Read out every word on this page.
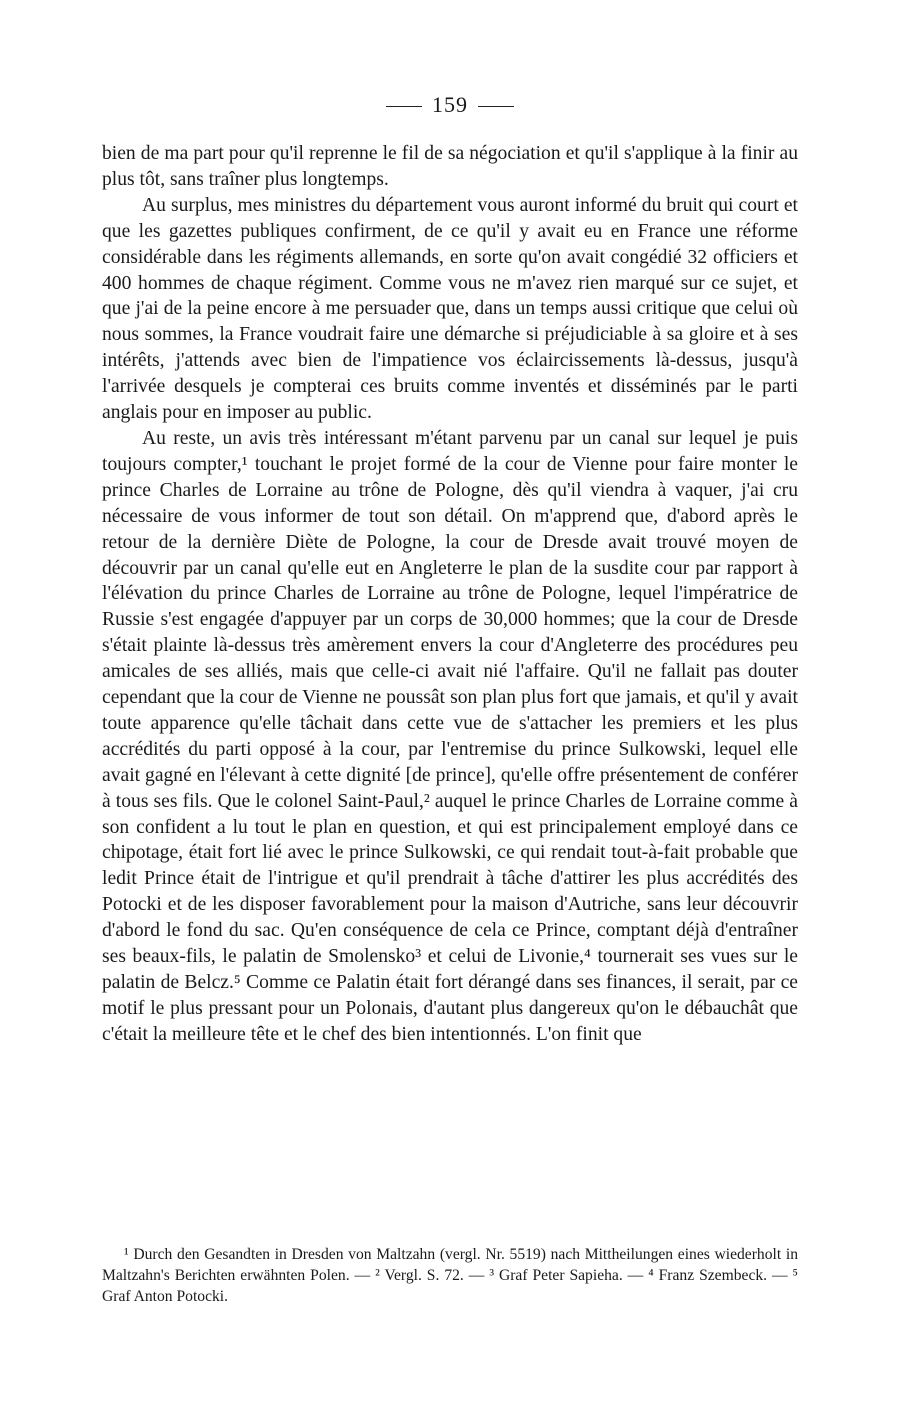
159

bien de ma part pour qu'il reprenne le fil de sa négociation et qu'il s'applique à la finir au plus tôt, sans traîner plus longtemps.

Au surplus, mes ministres du département vous auront informé du bruit qui court et que les gazettes publiques confirment, de ce qu'il y avait eu en France une réforme considérable dans les régiments allemands, en sorte qu'on avait congédié 32 officiers et 400 hommes de chaque régiment. Comme vous ne m'avez rien marqué sur ce sujet, et que j'ai de la peine encore à me persuader que, dans un temps aussi critique que celui où nous sommes, la France voudrait faire une démarche si préjudiciable à sa gloire et à ses intérêts, j'attends avec bien de l'impatience vos éclaircissements là-dessus, jusqu'à l'arrivée desquels je compterai ces bruits comme inventés et disséminés par le parti anglais pour en imposer au public.

Au reste, un avis très intéressant m'étant parvenu par un canal sur lequel je puis toujours compter,¹ touchant le projet formé de la cour de Vienne pour faire monter le prince Charles de Lorraine au trône de Pologne, dès qu'il viendra à vaquer, j'ai cru nécessaire de vous informer de tout son détail. On m'apprend que, d'abord après le retour de la dernière Diète de Pologne, la cour de Dresde avait trouvé moyen de découvrir par un canal qu'elle eut en Angleterre le plan de la susdite cour par rapport à l'élévation du prince Charles de Lorraine au trône de Pologne, lequel l'impératrice de Russie s'est engagée d'appuyer par un corps de 30,000 hommes; que la cour de Dresde s'était plainte là-dessus très amèrement envers la cour d'Angleterre des procédures peu amicales de ses alliés, mais que celle-ci avait nié l'affaire. Qu'il ne fallait pas douter cependant que la cour de Vienne ne poussât son plan plus fort que jamais, et qu'il y avait toute apparence qu'elle tâchait dans cette vue de s'attacher les premiers et les plus accrédités du parti opposé à la cour, par l'entremise du prince Sulkowski, lequel elle avait gagné en l'élevant à cette dignité [de prince], qu'elle offre présentement de conférer à tous ses fils. Que le colonel Saint-Paul,² auquel le prince Charles de Lorraine comme à son confident a lu tout le plan en question, et qui est principalement employé dans ce chipotage, était fort lié avec le prince Sulkowski, ce qui rendait tout-à-fait probable que ledit Prince était de l'intrigue et qu'il prendrait à tâche d'attirer les plus accrédités des Potocki et de les disposer favorablement pour la maison d'Autriche, sans leur découvrir d'abord le fond du sac. Qu'en conséquence de cela ce Prince, comptant déjà d'entraîner ses beaux-fils, le palatin de Smolensko³ et celui de Livonie,⁴ tournerait ses vues sur le palatin de Belcz.⁵ Comme ce Palatin était fort dérangé dans ses finances, il serait, par ce motif le plus pressant pour un Polonais, d'autant plus dangereux qu'on le débauchât que c'était la meilleure tête et le chef des bien intentionnés. L'on finit que

¹ Durch den Gesandten in Dresden von Maltzahn (vergl. Nr. 5519) nach Mittheilungen eines wiederholt in Maltzahn's Berichten erwähnten Polen. — ² Vergl. S. 72. — ³ Graf Peter Sapieha. — ⁴ Franz Szembeck. — ⁵ Graf Anton Potocki.
